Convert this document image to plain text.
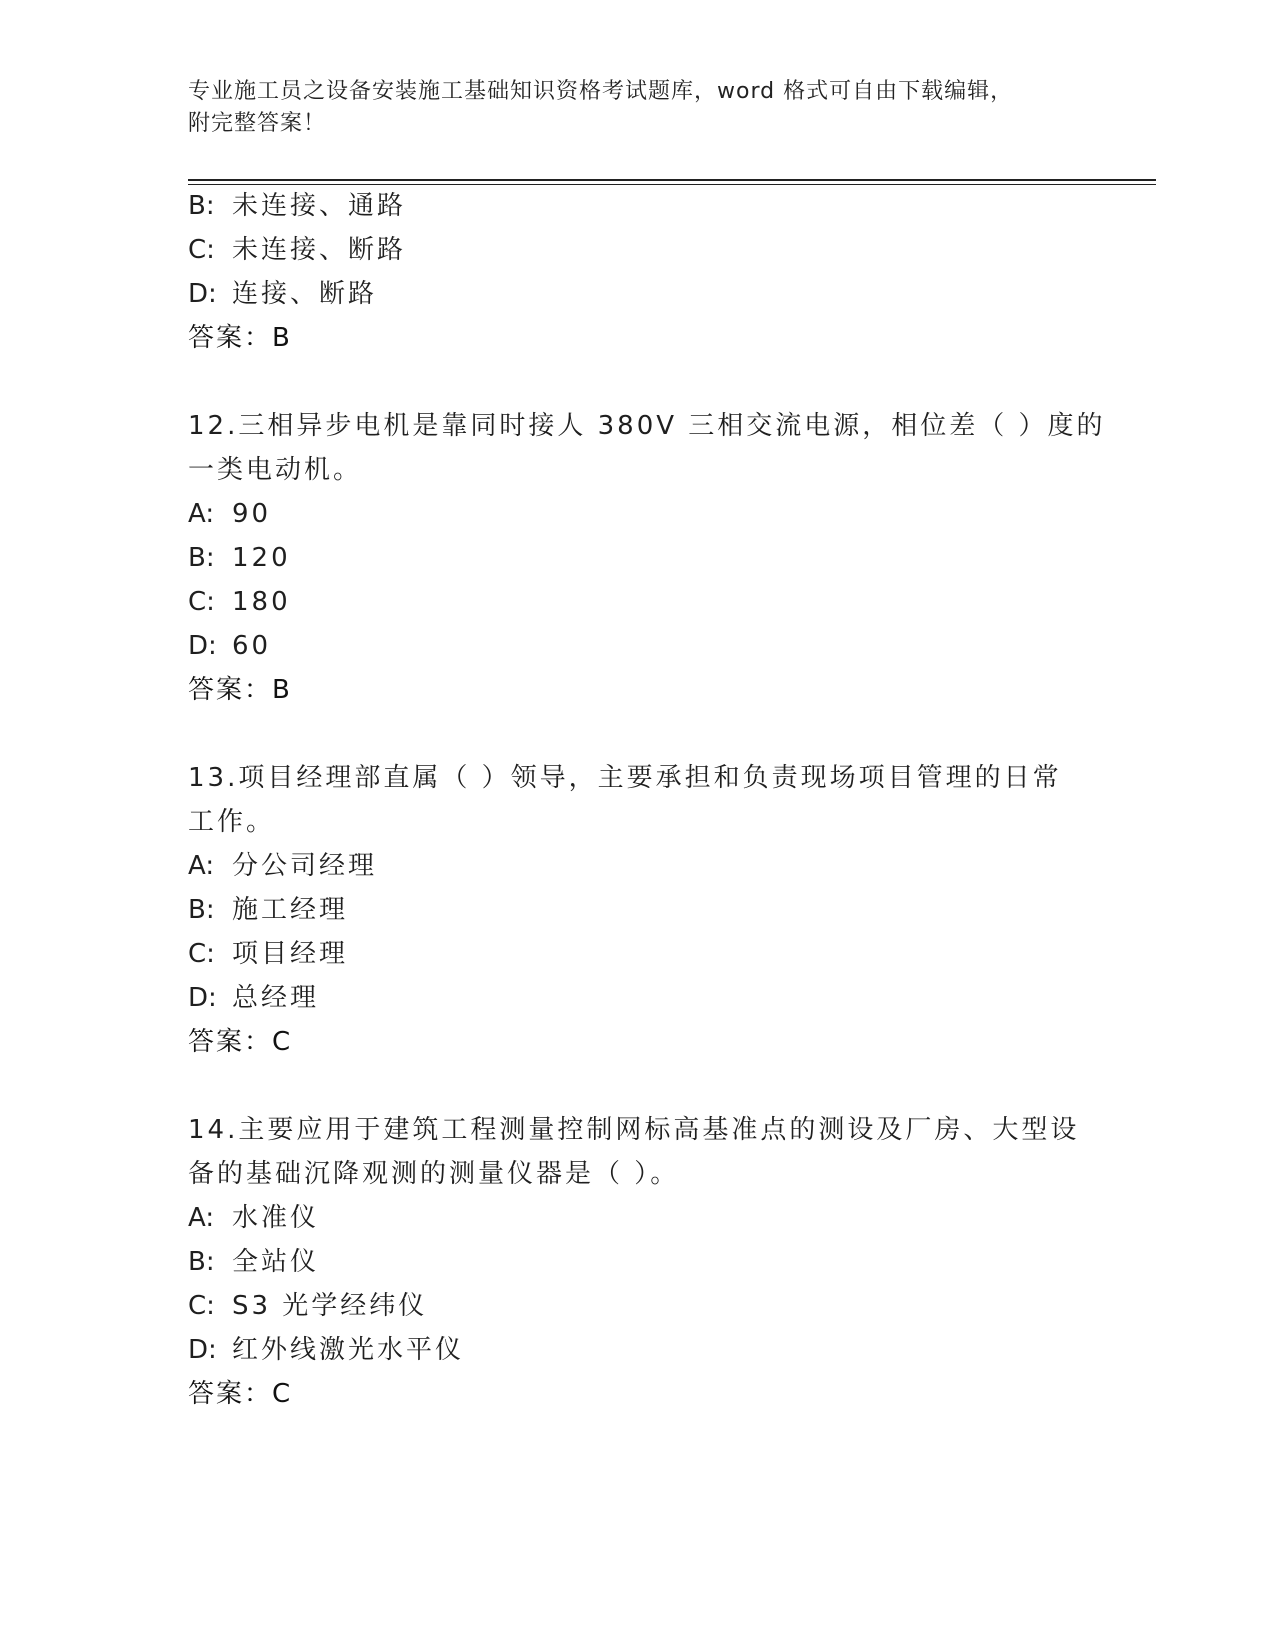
专业施工员之设备安装施工基础知识资格考试题库，word 格式可自由下载编辑，
附完整答案！
B: 未连接、通路
C: 未连接、断路
D: 连接、断路
答案：B
12.三相异步电机是靠同时接人 380V 三相交流电源，相位差（ ）度的
一类电动机。
A: 90
B: 120
C: 180
D: 60
答案：B
13.项目经理部直属（ ）领导，主要承担和负责现场项目管理的日常
工作。
A: 分公司经理
B: 施工经理
C: 项目经理
D: 总经理
答案：C
14.主要应用于建筑工程测量控制网标高基准点的测设及厂房、大型设
备的基础沉降观测的测量仪器是（ ）。
A: 水准仪
B: 全站仪
C: S3 光学经纬仪
D: 红外线激光水平仪
答案：C
